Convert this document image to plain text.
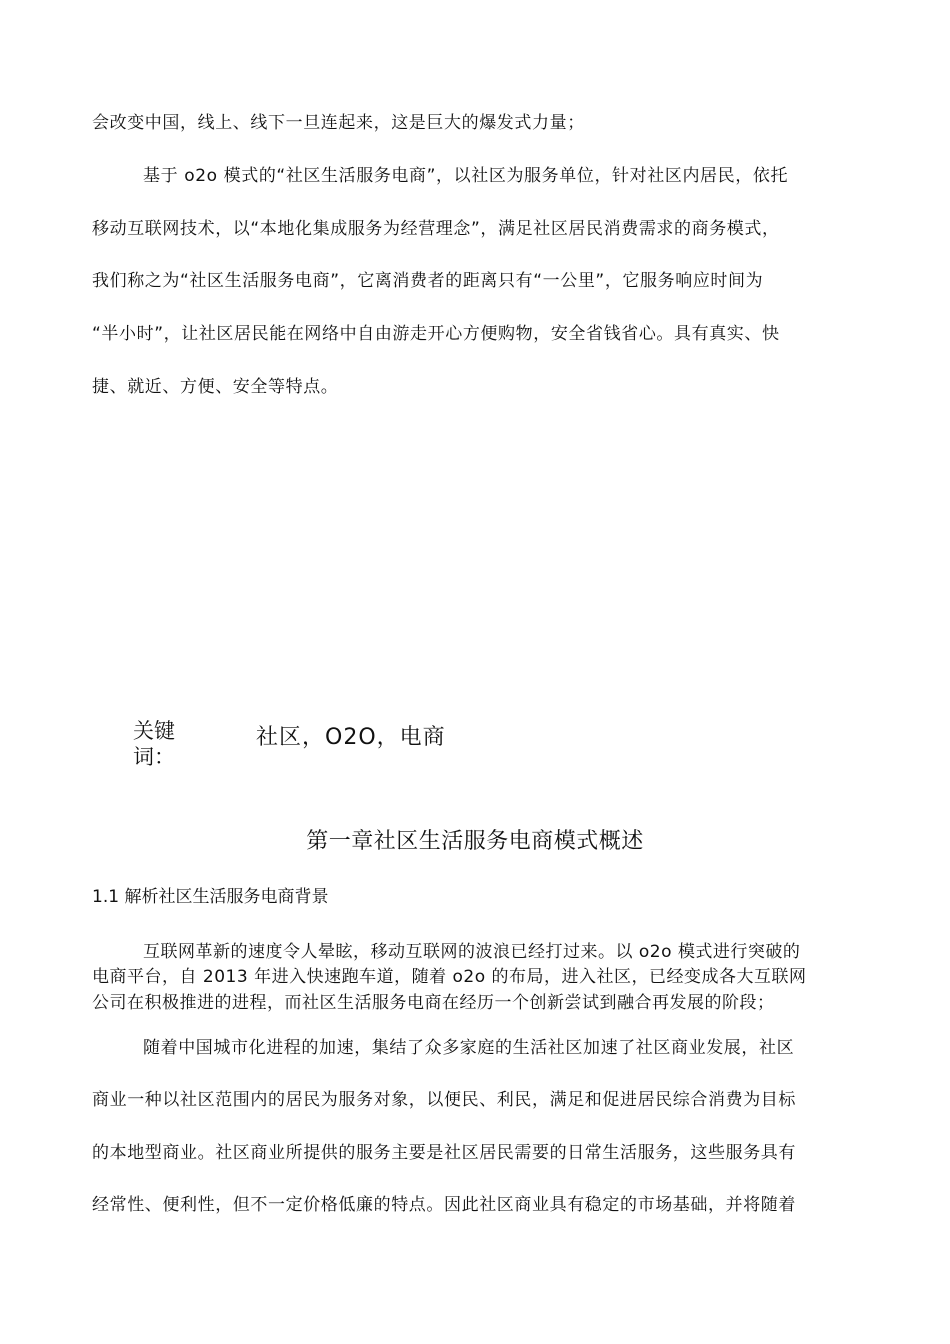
会改变中国，线上、线下一旦连起来，这是巨大的爆发式力量；
基于 o2o 模式的“社区生活服务电商”，以社区为服务单位，针对社区内居民，依托
移动互联网技术，以“本地化集成服务为经营理念”，满足社区居民消费需求的商务模式，
我们称之为“社区生活服务电商”，它离消费者的距离只有“一公里”，它服务响应时间为
“半小时”，让社区居民能在网络中自由游走开心方便购物，安全省钱省心。具有真实、快
捷、就近、方便、安全等特点。
关键词：
社区，O2O，电商
第一章社区生活服务电商模式概述
1.1 解析社区生活服务电商背景
互联网革新的速度令人晕眩，移动互联网的波浪已经打过来。以 o2o 模式进行突破的
电商平台，自 2013 年进入快速跑车道，随着 o2o 的布局，进入社区，已经变成各大互联网
公司在积极推进的进程，而社区生活服务电商在经历一个创新尝试到融合再发展的阶段；
随着中国城市化进程的加速，集结了众多家庭的生活社区加速了社区商业发展，社区
商业一种以社区范围内的居民为服务对象，以便民、利民，满足和促进居民综合消费为目标
的本地型商业。社区商业所提供的服务主要是社区居民需要的日常生活服务，这些服务具有
经常性、便利性，但不一定价格低廉的特点。因此社区商业具有稳定的市场基础，并将随着
